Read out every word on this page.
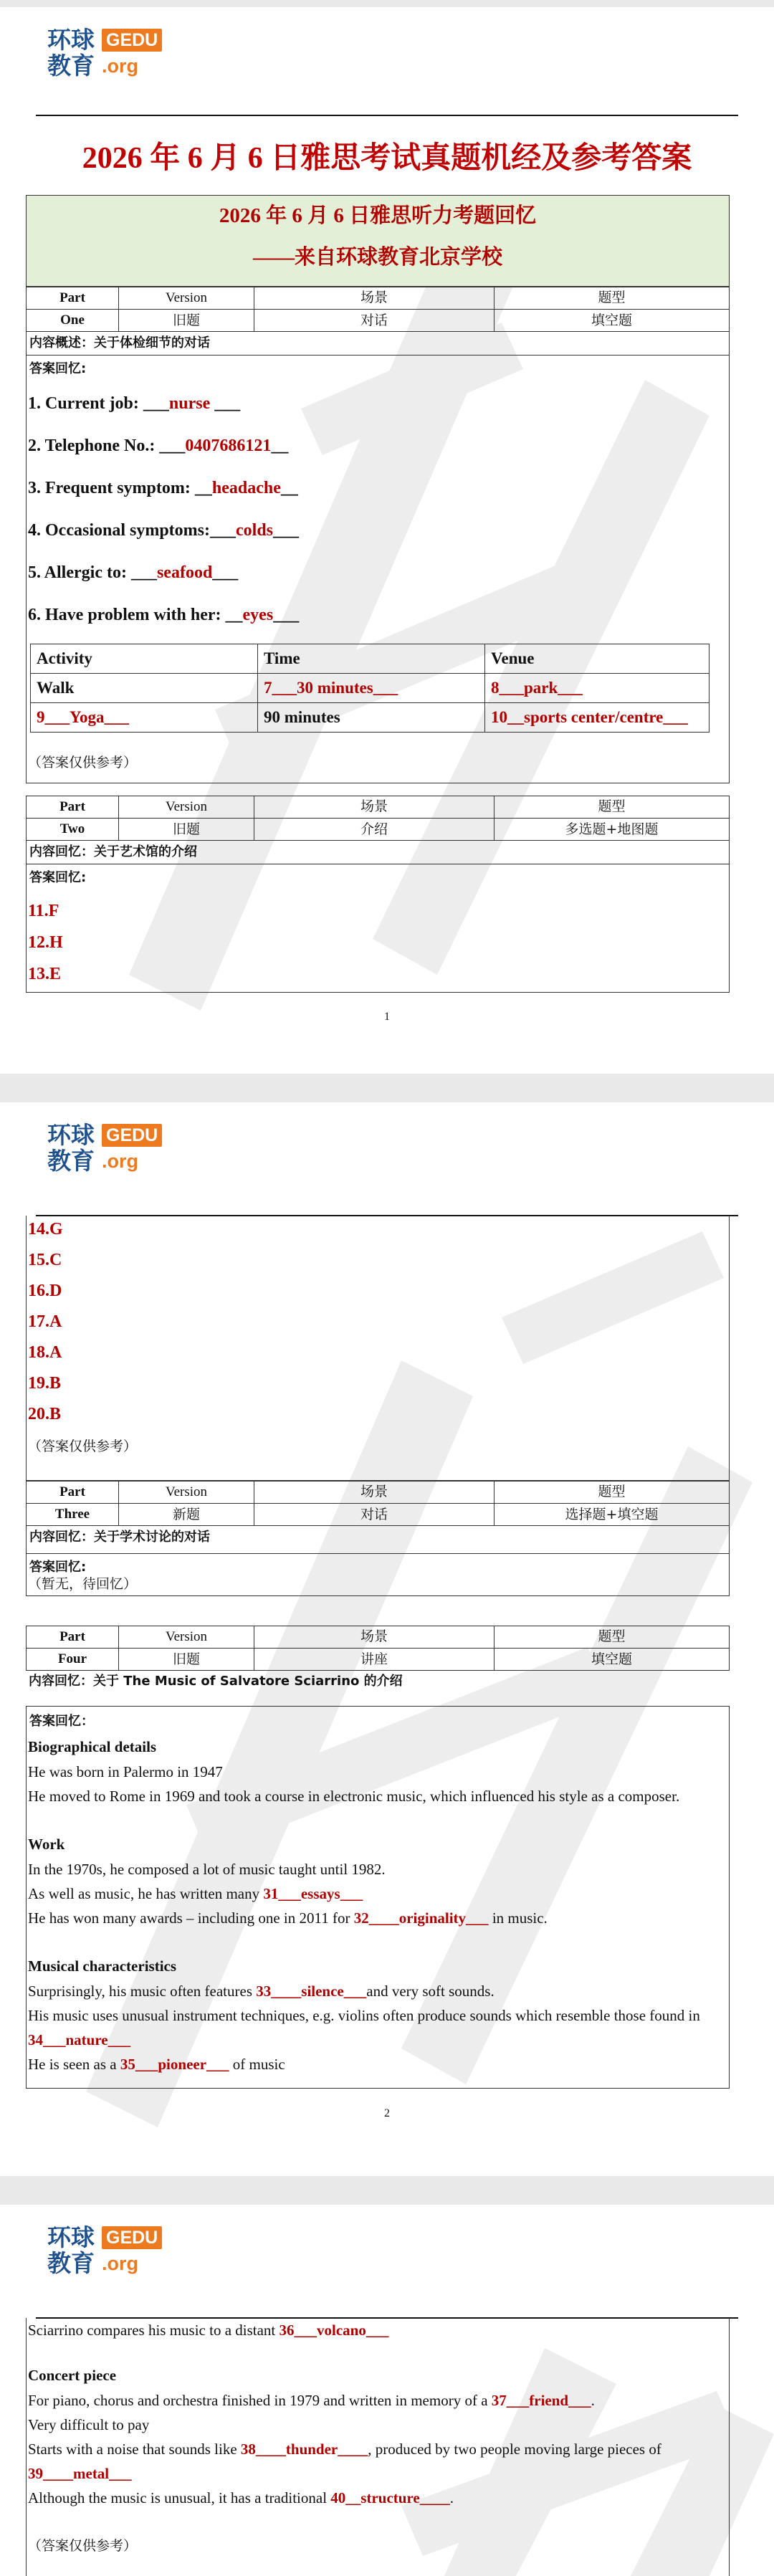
环球 GEDU
教育 .org
2026 年 6 月 6 日雅思考试真题机经及参考答案
2026 年 6 月 6 日雅思听力考题回忆
——来自环球教育北京学校
Part	Version	场景	题型
One	旧题	对话	填空题
内容概述：关于体检细节的对话
答案回忆:
1. Current job: ___nurse ___
2. Telephone No.: ___0407686121__
3. Frequent symptom: __headache__
4. Occasional symptoms:___colds___
5. Allergic to: ___seafood___
6. Have problem with her: __eyes___
（答案仅供参考）
Activity	Time	Venue
Walk	7___30 minutes___	8___park___
9___Yoga___	90 minutes	10__sports center/centre___
Part	Version	场景	题型
Two	旧题	介绍	多选题+地图题
内容回忆：关于艺术馆的介绍
答案回忆:
11.F
12.H
13.E
1
环球 GEDU
教育 .org
14.G
15.C
16.D
17.A
18.A
19.B
20.B
（答案仅供参考）
Part	Version	场景	题型
Three	新题	对话	选择题+填空题
内容回忆：关于学术讨论的对话
答案回忆:
（暂无，待回忆）
Part	Version	场景	题型
Four	旧题	讲座	填空题
内容回忆：关于 The Music of Salvatore Sciarrino 的介绍
答案回忆：
Biographical details
He was born in Palermo in 1947
He moved to Rome in 1969 and took a course in electronic music, which influenced his style as a composer.
Work
In the 1970s, he composed a lot of music taught until 1982.
As well as music, he has written many 31___essays___
He has won many awards – including one in 2011 for 32____originality___ in music.
Musical characteristics
Surprisingly, his music often features 33____silence___and very soft sounds.
His music uses unusual instrument techniques, e.g. violins often produce sounds which resemble those found in
34___nature___
He is seen as a 35___pioneer___ of music
2
环球 GEDU
教育 .org
Sciarrino compares his music to a distant 36___volcano___
Concert piece
For piano, chorus and orchestra finished in 1979 and written in memory of a 37___friend___.
Very difficult to pay
Starts with a noise that sounds like 38____thunder____, produced by two people moving large pieces of
39____metal___
Although the music is unusual, it has a traditional 40__structure____.
（答案仅供参考）
